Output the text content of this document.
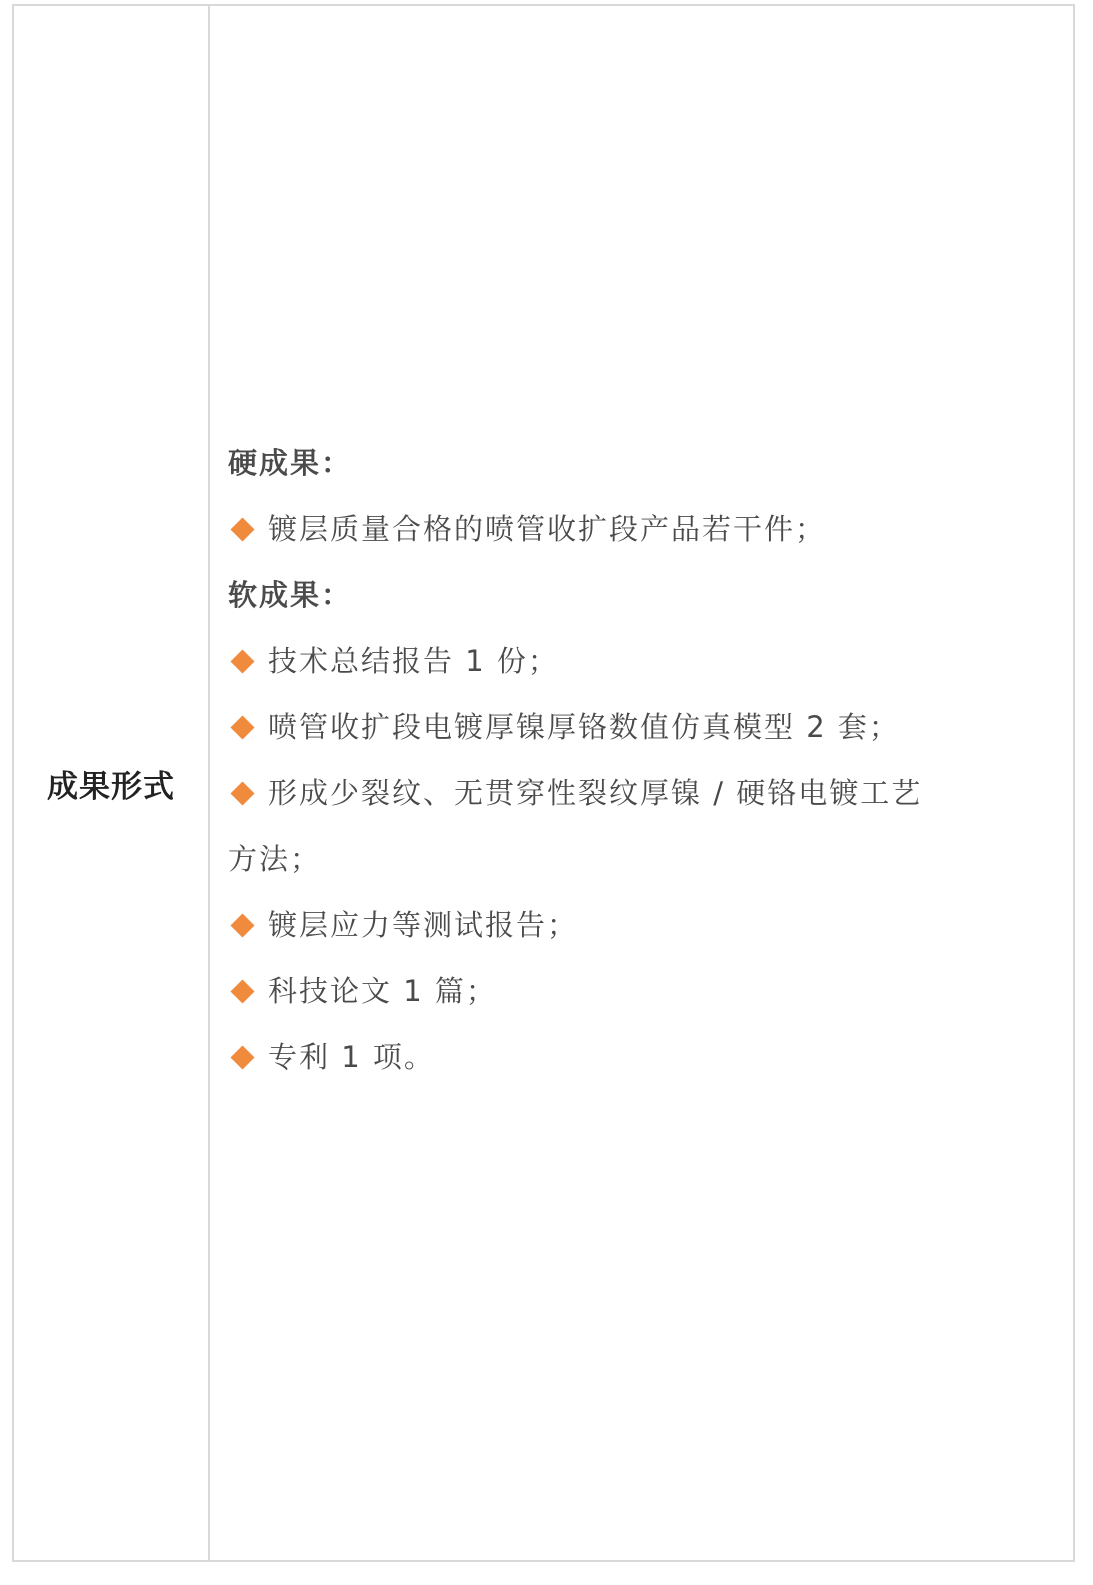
成果形式
硬成果：
镀层质量合格的喷管收扩段产品若干件；
软成果：
技术总结报告 1 份；
喷管收扩段电镀厚镍厚铬数值仿真模型 2 套；
形成少裂纹、无贯穿性裂纹厚镍 / 硬铬电镀工艺
方法；
镀层应力等测试报告；
科技论文 1 篇；
专利 1 项。
